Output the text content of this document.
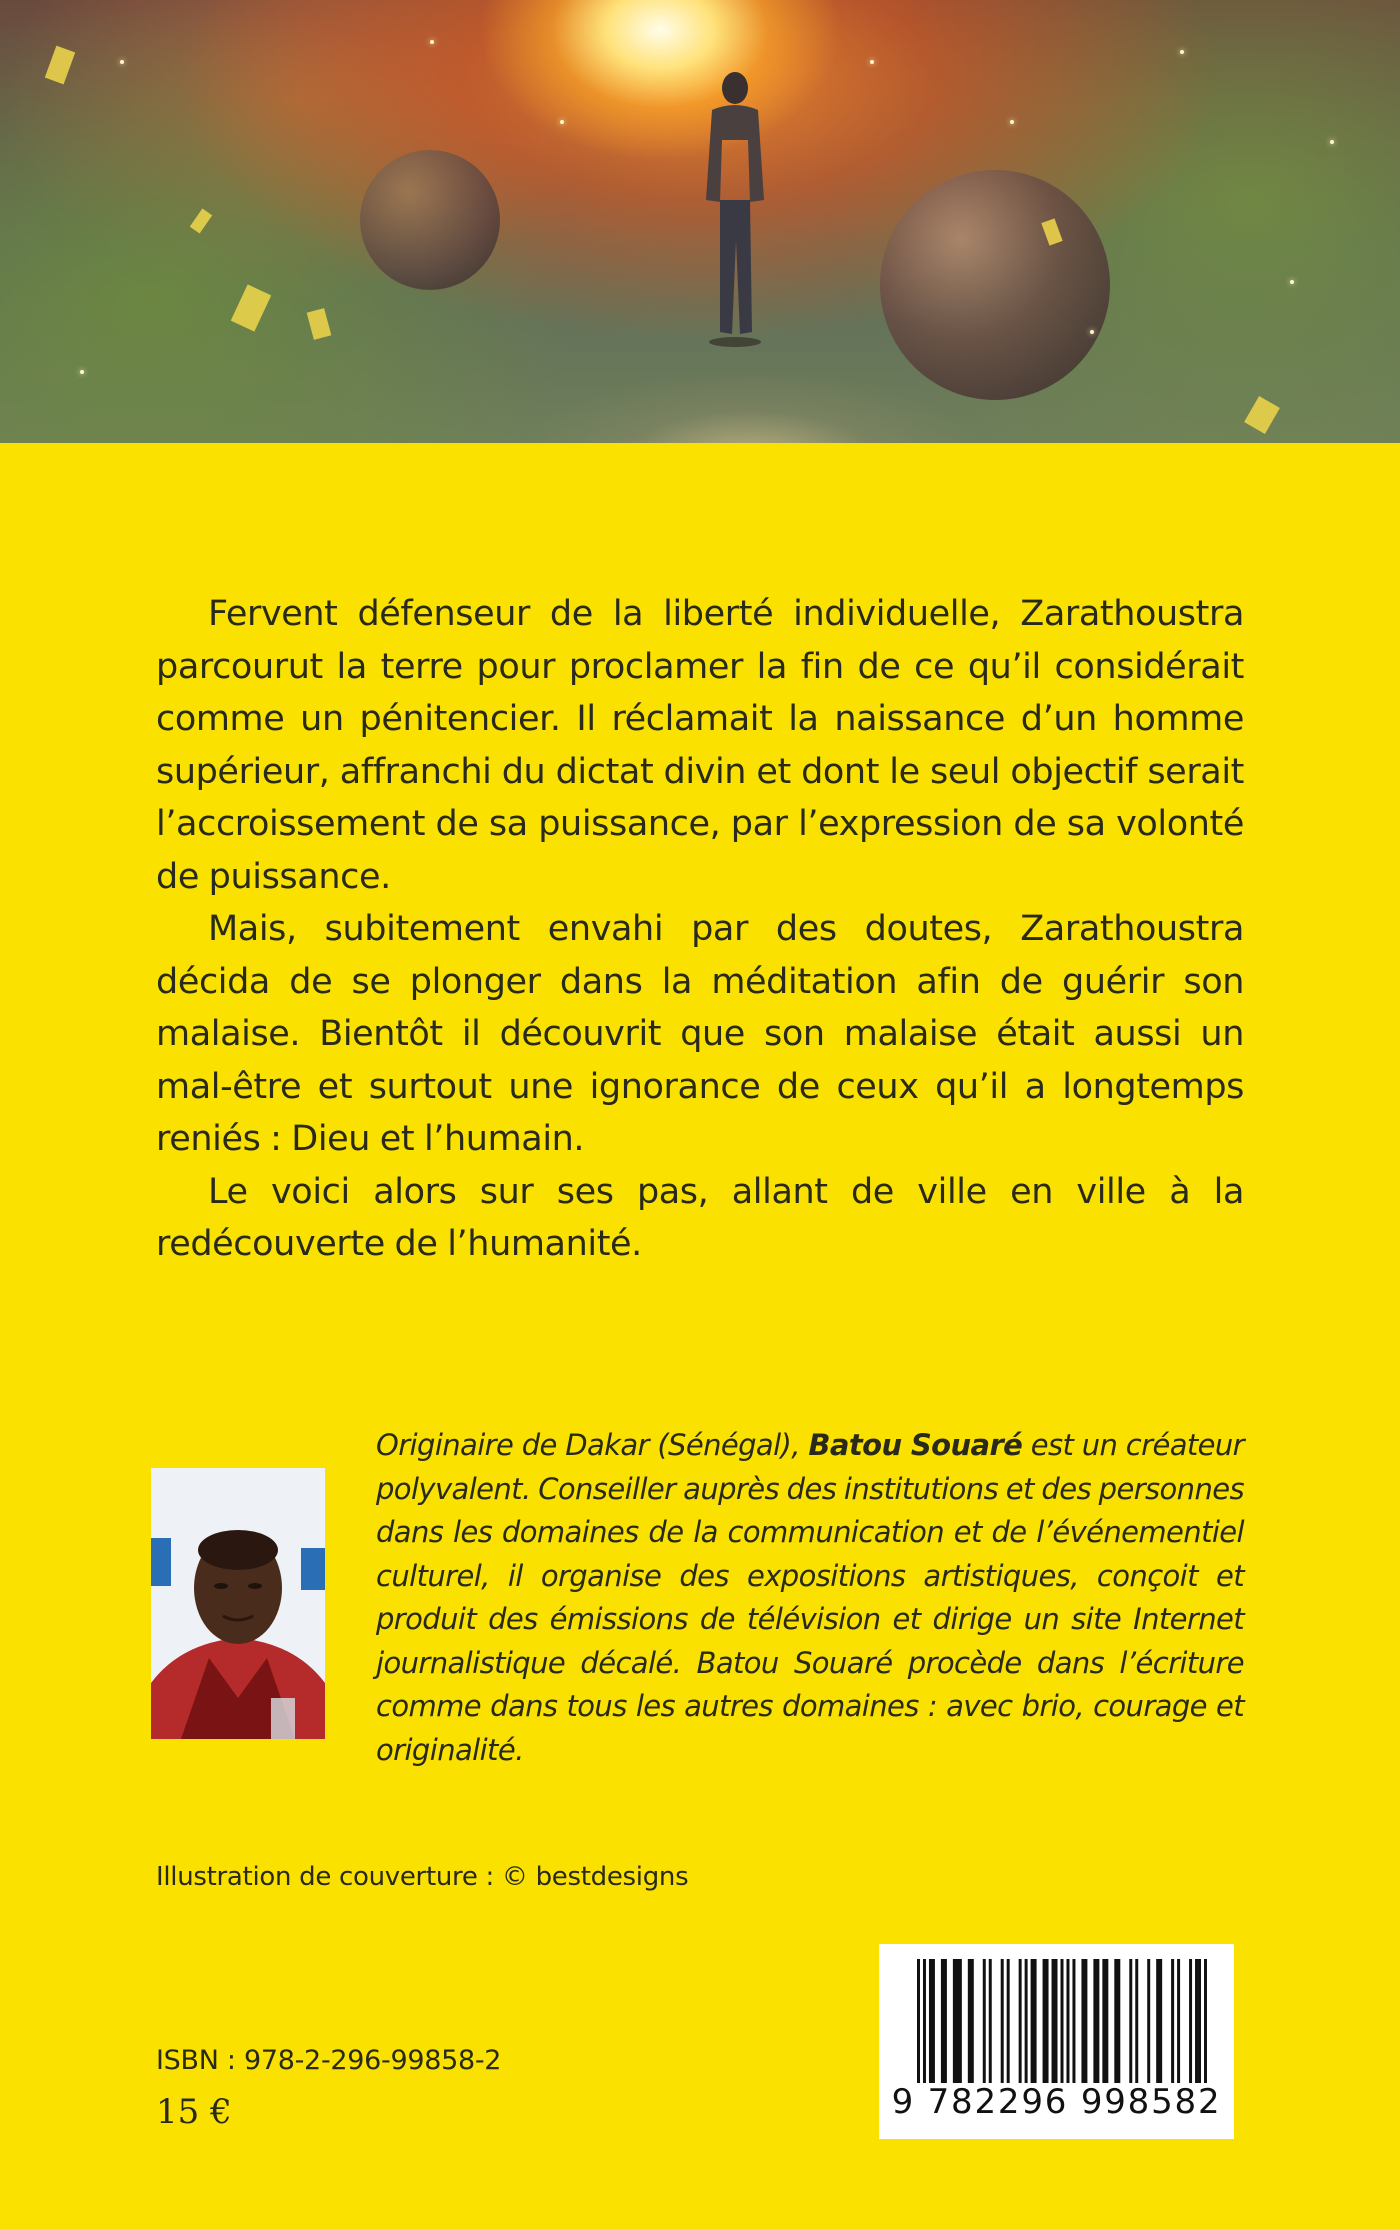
Fervent défenseur de la liberté individuelle, Zarathoustra parcourut la terre pour proclamer la fin de ce qu’il considérait comme un pénitencier. Il réclamait la naissance d’un homme supérieur, affranchi du dictat divin et dont le seul objectif serait l’accroissement de sa puissance, par l’expression de sa volonté de puissance.

Mais, subitement envahi par des doutes, Zarathoustra décida de se plonger dans la méditation afin de guérir son malaise. Bientôt il découvrit que son malaise était aussi un mal-être et surtout une ignorance de ceux qu’il a longtemps reniés : Dieu et l’humain.

Le voici alors sur ses pas, allant de ville en ville à la redécouverte de l’humanité.

Originaire de Dakar (Sénégal), Batou Souaré est un créateur polyvalent. Conseiller auprès des institutions et des personnes dans les domaines de la communication et de l’événementiel culturel, il organise des expositions artistiques, conçoit et produit des émissions de télévision et dirige un site Internet journalistique décalé. Batou Souaré procède dans l’écriture comme dans tous les autres domaines : avec brio, courage et originalité.

Illustration de couverture : © bestdesigns
ISBN : 978-2-296-99858-2
15 €	9 782296 998582
